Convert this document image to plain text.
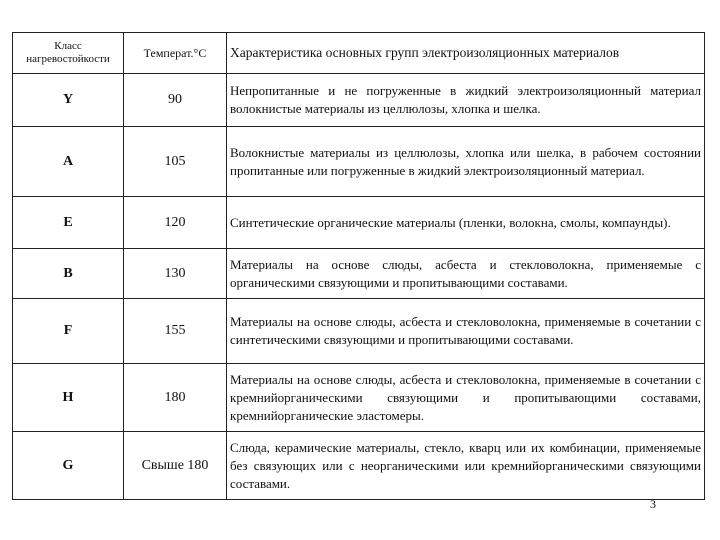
Класс нагревостойкости	Температ.°С	Характеристика основных групп электроизоляционных материалов
Y	90	Непропитанные и не погруженные в жидкий электроизоляционный материал волокнистые материалы из целлюлозы, хлопка и шелка.
A	105	Волокнистые материалы из целлюлозы, хлопка или шелка, в рабочем состоянии пропитанные или погруженные в жидкий электроизоляционный материал.
E	120	Синтетические органические материалы (пленки, волокна, смолы, компаунды).
B	130	Материалы на основе слюды, асбеста и стекловолокна, применяемые с органическими связующими и пропитывающими составами.
F	155	Материалы на основе слюды, асбеста и стекловолокна, применяемые в сочетании с синтетическими связующими и пропитывающими составами.
H	180	Материалы на основе слюды, асбеста и стекловолокна, применяемые в сочетании с кремнийорганическими связующими и пропитывающими составами, кремнийорганические эластомеры.
G	Свыше 180	Слюда, керамические материалы, стекло, кварц или их комбинации, применяемые без связующих или с неорганическими или кремнийорганическими связующими составами.
3
